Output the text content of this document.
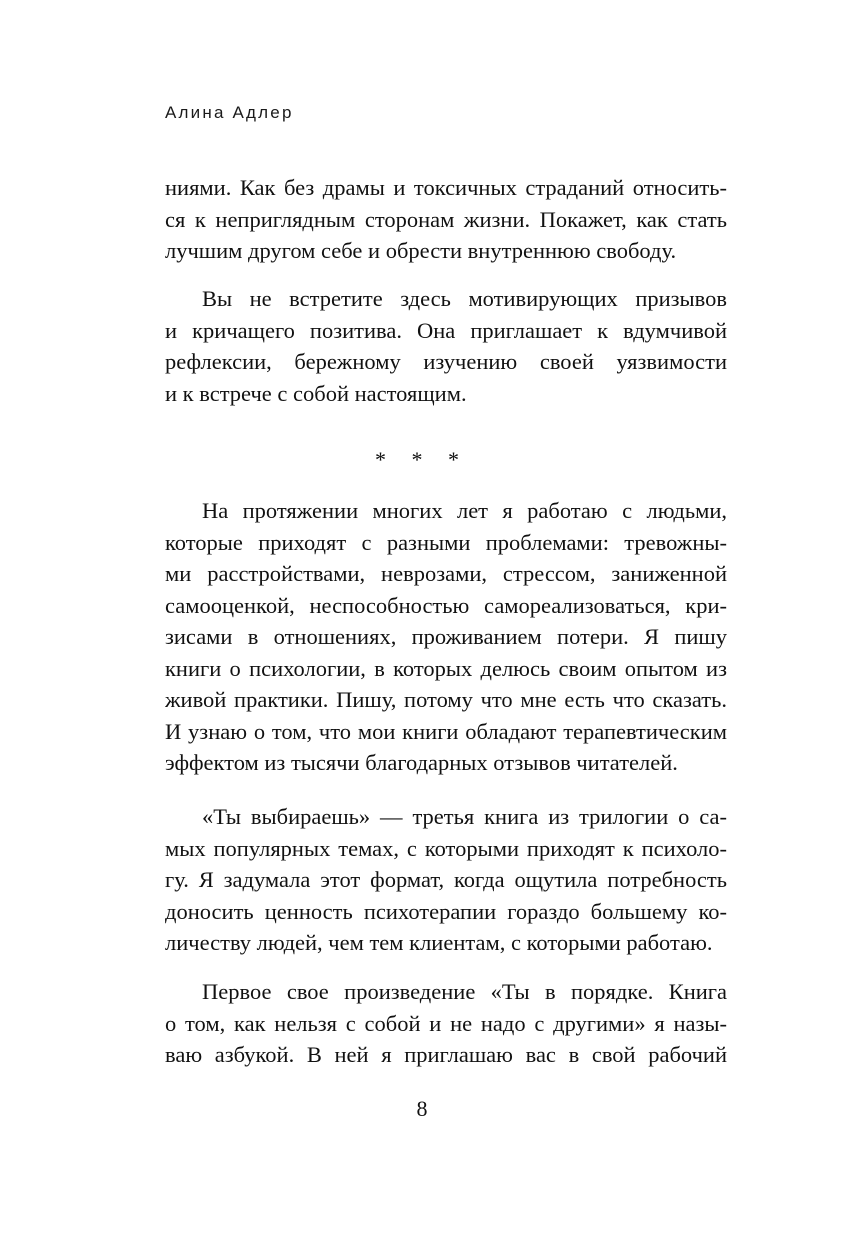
Алина Адлер
ниями. Как без драмы и токсичных страданий относить-
ся к неприглядным сторонам жизни. Покажет, как стать
лучшим другом себе и обрести внутреннюю свободу.
Вы не встретите здесь мотивирующих призывов
и кричащего позитива. Она приглашает к вдумчивой
рефлексии, бережному изучению своей уязвимости
и к встрече с собой настоящим.
* * *
На протяжении многих лет я работаю с людьми,
которые приходят с разными проблемами: тревожны-
ми расстройствами, неврозами, стрессом, заниженной
самооценкой, неспособностью самореализоваться, кри-
зисами в отношениях, проживанием потери. Я пишу
книги о психологии, в которых делюсь своим опытом из
живой практики. Пишу, потому что мне есть что сказать.
И узнаю о том, что мои книги обладают терапевтическим
эффектом из тысячи благодарных отзывов читателей.
«Ты выбираешь» — третья книга из трилогии о са-
мых популярных темах, с которыми приходят к психоло-
гу. Я задумала этот формат, когда ощутила потребность
доносить ценность психотерапии гораздо большему ко-
личеству людей, чем тем клиентам, с которыми работаю.
Первое свое произведение «Ты в порядке. Книга
о том, как нельзя с собой и не надо с другими» я назы-
ваю азбукой. В ней я приглашаю вас в свой рабочий
8
